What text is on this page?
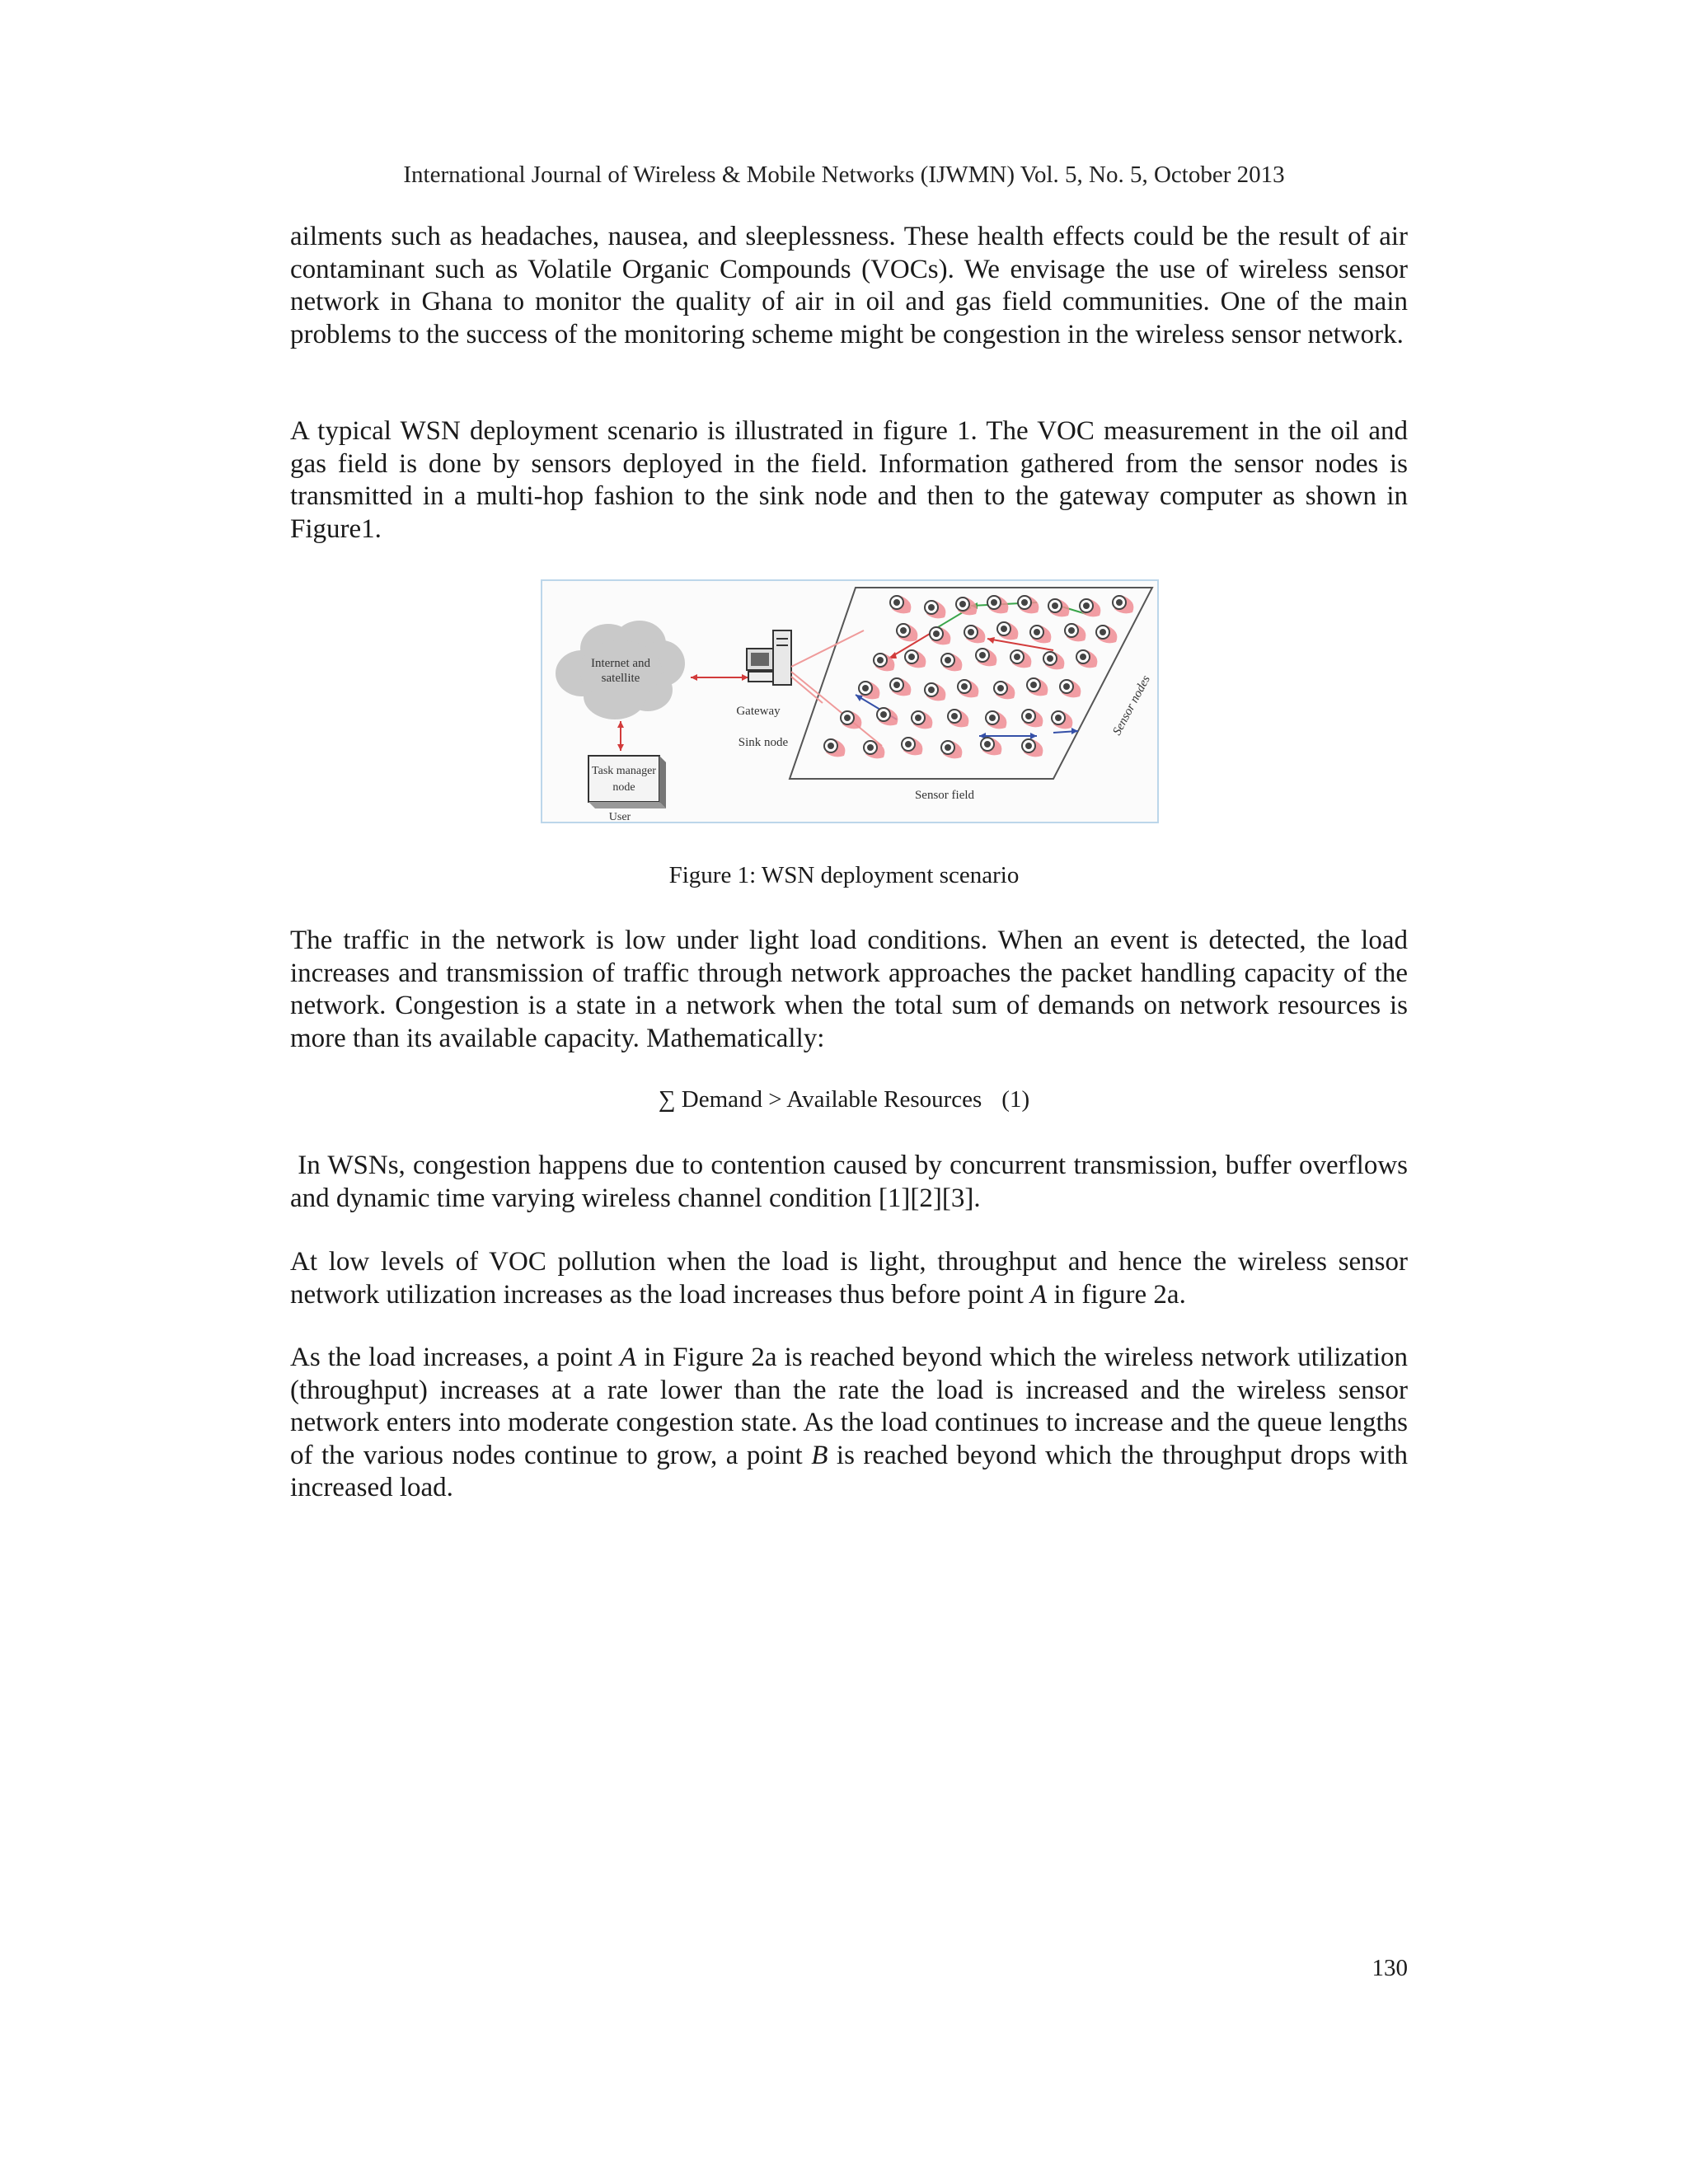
International Journal of Wireless & Mobile Networks (IJWMN) Vol. 5, No. 5, October 2013

ailments such as headaches, nausea, and sleeplessness. These health effects could be the result of air contaminant such as Volatile Organic Compounds (VOCs). We envisage the use of wireless sensor network in Ghana to monitor the quality of air in oil and gas field communities. One of the main problems to the success of the monitoring scheme might be congestion in the wireless sensor network.

A typical WSN deployment scenario is illustrated in figure 1. The VOC measurement in the oil and gas field is done by sensors deployed in the field. Information gathered from the sensor nodes is transmitted in a multi-hop fashion to the sink node and then to the gateway computer as shown in Figure1.

Internet and
satellite
Gateway
Sink node
Task manager
node
User
Sensor field
Sensor nodes
Figure 1: WSN deployment scenario

The traffic in the network is low under light load conditions. When an event is detected, the load increases and transmission of traffic through network approaches the packet handling capacity of the network. Congestion is a state in a network when the total sum of demands on network resources is more than its available capacity. Mathematically:

∑ Demand > Available Resources (1)

In WSNs, congestion happens due to contention caused by concurrent transmission, buffer overflows and dynamic time varying wireless channel condition [1][2][3].

At low levels of VOC pollution when the load is light, throughput and hence the wireless sensor network utilization increases as the load increases thus before point A in figure 2a.

As the load increases, a point A in Figure 2a is reached beyond which the wireless network utilization (throughput) increases at a rate lower than the rate the load is increased and the wireless sensor network enters into moderate congestion state. As the load continues to increase and the queue lengths of the various nodes continue to grow, a point B is reached beyond which the throughput drops with increased load.

130
